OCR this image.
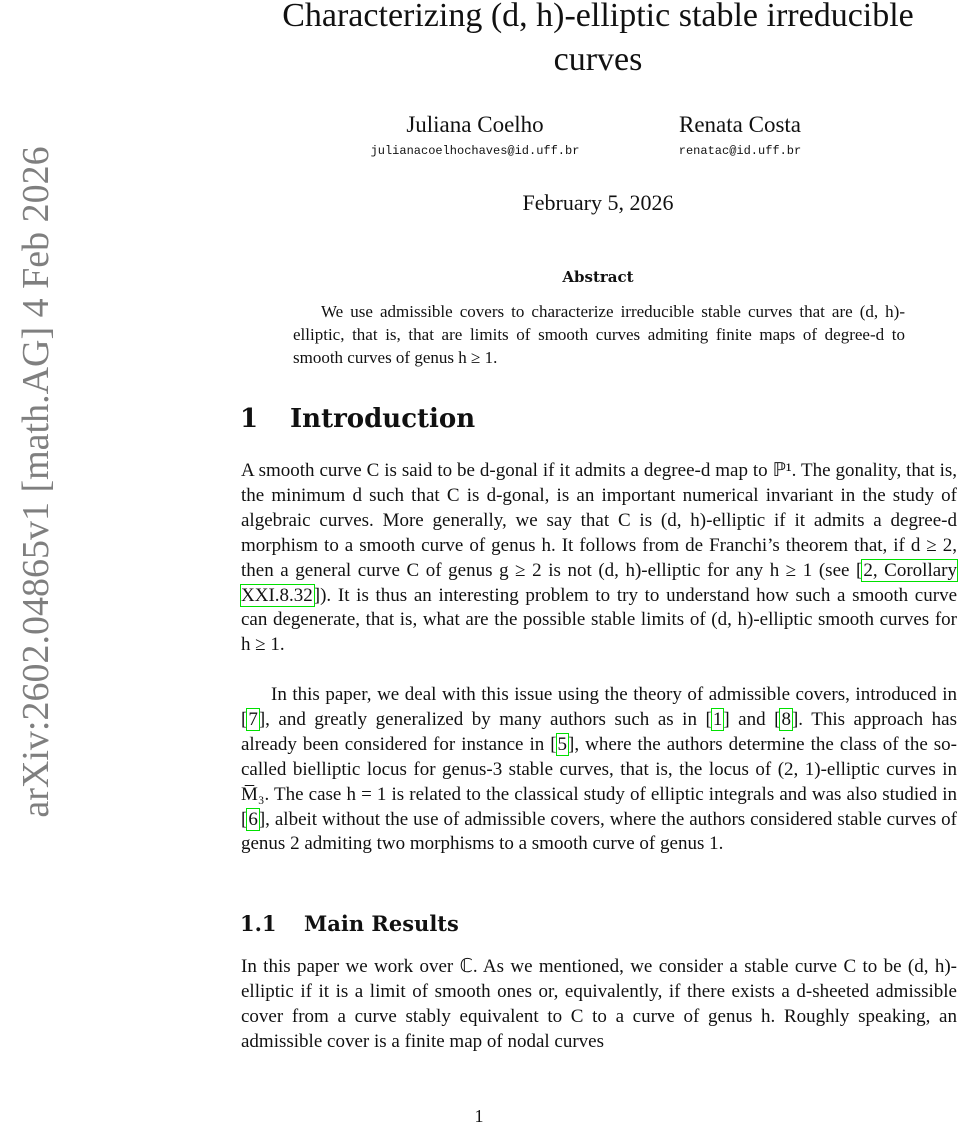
arXiv:2602.04865v1 [math.AG] 4 Feb 2026
Characterizing (d, h)-elliptic stable irreducible curves
Juliana Coelho
julianacoelhochaves@id.uff.br
Renata Costa
renatac@id.uff.br
February 5, 2026
Abstract

We use admissible covers to characterize irreducible stable curves that are (d, h)-elliptic, that is, that are limits of smooth curves admiting finite maps of degree-d to smooth curves of genus h ≥ 1.

1 Introduction

A smooth curve C is said to be d-gonal if it admits a degree-d map to ℙ¹. The gonality, that is, the minimum d such that C is d-gonal, is an important numerical invariant in the study of algebraic curves. More generally, we say that C is (d, h)-elliptic if it admits a degree-d morphism to a smooth curve of genus h. It follows from de Franchi’s theorem that, if d ≥ 2, then a general curve C of genus g ≥ 2 is not (d, h)-elliptic for any h ≥ 1 (see [2, Corollary XXI.8.32]). It is thus an interesting problem to try to understand how such a smooth curve can degenerate, that is, what are the possible stable limits of (d, h)-elliptic smooth curves for h ≥ 1.

In this paper, we deal with this issue using the theory of admissible covers, introduced in [7], and greatly generalized by many authors such as in [1] and [8]. This approach has already been considered for instance in [5], where the authors determine the class of the so-called bielliptic locus for genus-3 stable curves, that is, the locus of (2, 1)-elliptic curves in M̅₃. The case h = 1 is related to the classical study of elliptic integrals and was also studied in [6], albeit without the use of admissible covers, where the authors considered stable curves of genus 2 admiting two morphisms to a smooth curve of genus 1.

1.1 Main Results

In this paper we work over ℂ. As we mentioned, we consider a stable curve C to be (d, h)-elliptic if it is a limit of smooth ones or, equivalently, if there exists a d-sheeted admissible cover from a curve stably equivalent to C to a curve of genus h. Roughly speaking, an admissible cover is a finite map of nodal curves

1
